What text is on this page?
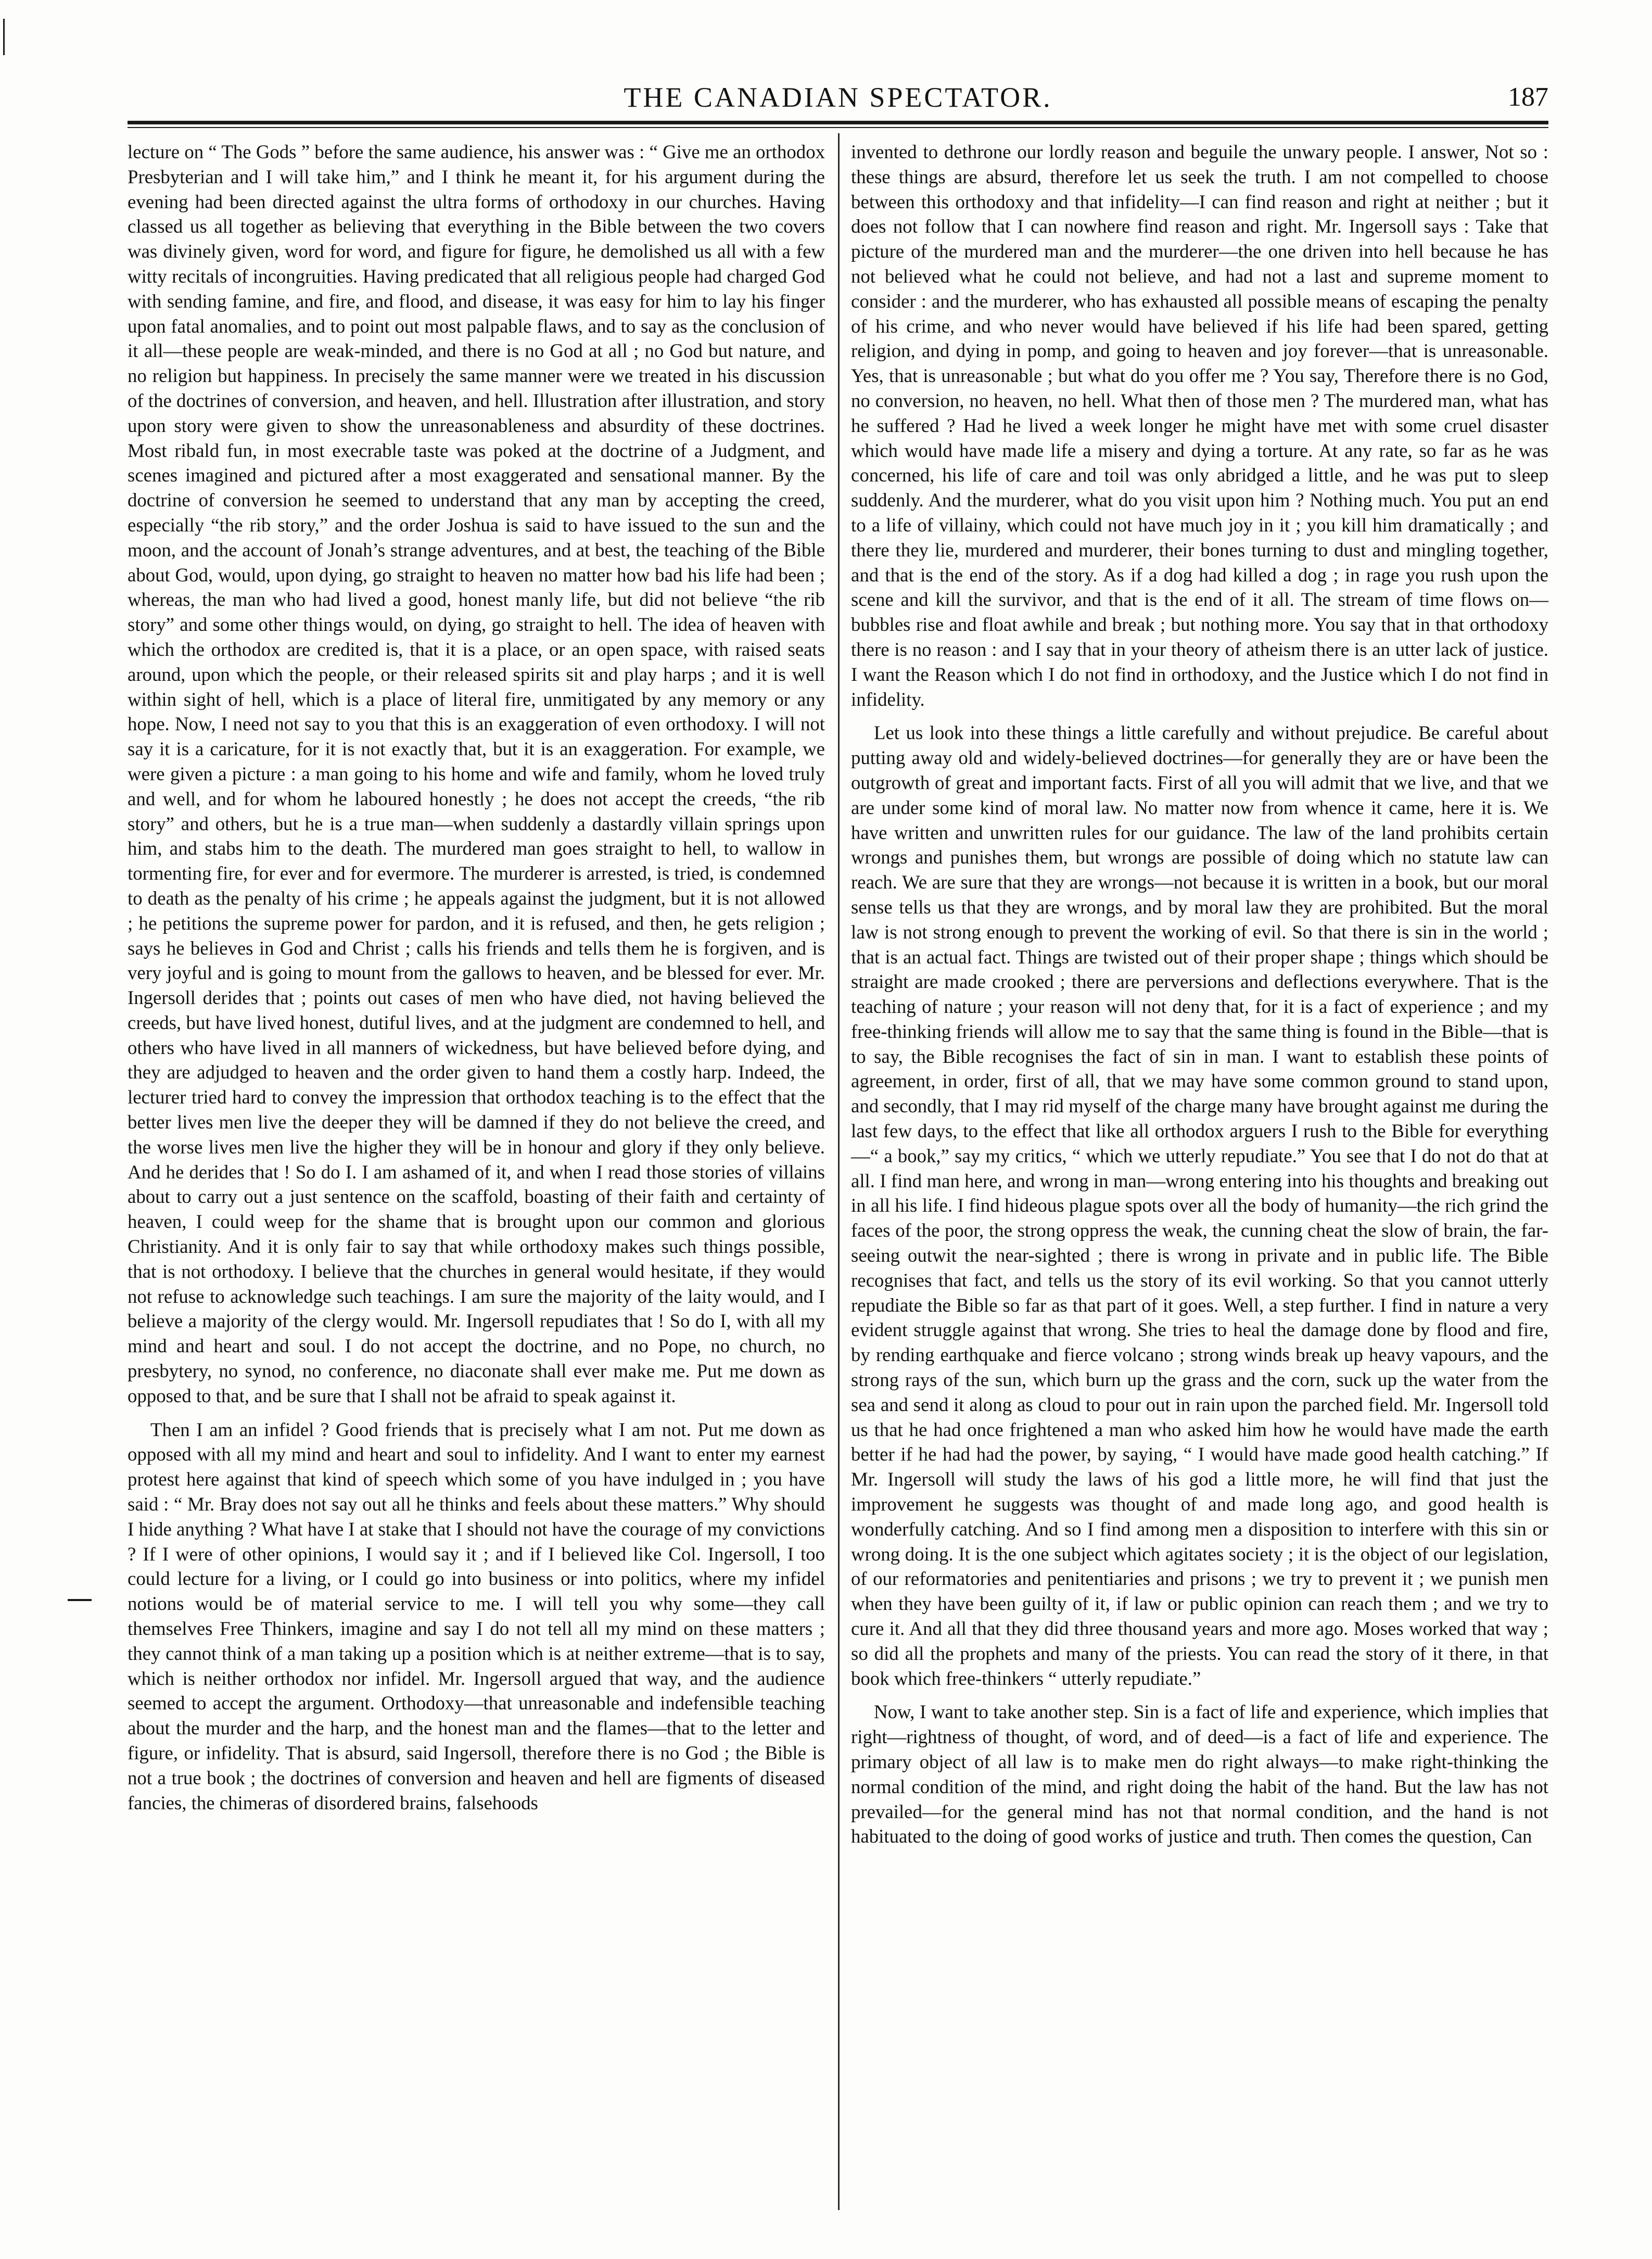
THE CANADIAN SPECTATOR.	187

lecture on “ The Gods ” before the same audience, his answer was : “ Give me an orthodox Presbyterian and I will take him,” and I think he meant it, for his argument during the evening had been directed against the ultra forms of orthodoxy in our churches. Having classed us all together as believing that everything in the Bible between the two covers was divinely given, word for word, and figure for figure, he demolished us all with a few witty recitals of incongruities. Having predicated that all religious people had charged God with sending famine, and fire, and flood, and disease, it was easy for him to lay his finger upon fatal anomalies, and to point out most palpable flaws, and to say as the conclusion of it all—these people are weak-minded, and there is no God at all ; no God but nature, and no religion but happiness. In precisely the same manner were we treated in his discussion of the doctrines of conversion, and heaven, and hell. Illustration after illustration, and story upon story were given to show the unreasonableness and absurdity of these doctrines. Most ribald fun, in most execrable taste was poked at the doctrine of a Judgment, and scenes imagined and pictured after a most exaggerated and sensational manner. By the doctrine of conversion he seemed to understand that any man by accepting the creed, especially “the rib story,” and the order Joshua is said to have issued to the sun and the moon, and the account of Jonah’s strange adventures, and at best, the teaching of the Bible about God, would, upon dying, go straight to heaven no matter how bad his life had been ; whereas, the man who had lived a good, honest manly life, but did not believe “the rib story” and some other things would, on dying, go straight to hell. The idea of heaven with which the orthodox are credited is, that it is a place, or an open space, with raised seats around, upon which the people, or their released spirits sit and play harps ; and it is well within sight of hell, which is a place of literal fire, unmitigated by any memory or any hope. Now, I need not say to you that this is an exaggeration of even orthodoxy. I will not say it is a caricature, for it is not exactly that, but it is an exaggeration. For example, we were given a picture : a man going to his home and wife and family, whom he loved truly and well, and for whom he laboured honestly ; he does not accept the creeds, “the rib story” and others, but he is a true man—when suddenly a dastardly villain springs upon him, and stabs him to the death. The murdered man goes straight to hell, to wallow in tormenting fire, for ever and for evermore. The murderer is arrested, is tried, is condemned to death as the penalty of his crime ; he appeals against the judgment, but it is not allowed ; he petitions the supreme power for pardon, and it is refused, and then, he gets religion ; says he believes in God and Christ ; calls his friends and tells them he is forgiven, and is very joyful and is going to mount from the gallows to heaven, and be blessed for ever. Mr. Ingersoll derides that ; points out cases of men who have died, not having believed the creeds, but have lived honest, dutiful lives, and at the judgment are condemned to hell, and others who have lived in all manners of wickedness, but have believed before dying, and they are adjudged to heaven and the order given to hand them a costly harp. Indeed, the lecturer tried hard to convey the impression that orthodox teaching is to the effect that the better lives men live the deeper they will be damned if they do not believe the creed, and the worse lives men live the higher they will be in honour and glory if they only believe. And he derides that ! So do I. I am ashamed of it, and when I read those stories of villains about to carry out a just sentence on the scaffold, boasting of their faith and certainty of heaven, I could weep for the shame that is brought upon our common and glorious Christianity. And it is only fair to say that while orthodoxy makes such things possible, that is not orthodoxy. I believe that the churches in general would hesitate, if they would not refuse to acknowledge such teachings. I am sure the majority of the laity would, and I believe a majority of the clergy would. Mr. Ingersoll repudiates that ! So do I, with all my mind and heart and soul. I do not accept the doctrine, and no Pope, no church, no presbytery, no synod, no conference, no diaconate shall ever make me. Put me down as opposed to that, and be sure that I shall not be afraid to speak against it.

Then I am an infidel ? Good friends that is precisely what I am not. Put me down as opposed with all my mind and heart and soul to infidelity. And I want to enter my earnest protest here against that kind of speech which some of you have indulged in ; you have said : “ Mr. Bray does not say out all he thinks and feels about these matters.” Why should I hide anything ? What have I at stake that I should not have the courage of my convictions ? If I were of other opinions, I would say it ; and if I believed like Col. Ingersoll, I too could lecture for a living, or I could go into business or into politics, where my infidel notions would be of material service to me. I will tell you why some—they call themselves Free Thinkers, imagine and say I do not tell all my mind on these matters ; they cannot think of a man taking up a position which is at neither extreme—that is to say, which is neither orthodox nor infidel. Mr. Ingersoll argued that way, and the audience seemed to accept the argument. Orthodoxy—that unreasonable and indefensible teaching about the murder and the harp, and the honest man and the flames—that to the letter and figure, or infidelity. That is absurd, said Ingersoll, therefore there is no God ; the Bible is not a true book ; the doctrines of conversion and heaven and hell are figments of diseased fancies, the chimeras of disordered brains, falsehoods

invented to dethrone our lordly reason and beguile the unwary people. I answer, Not so : these things are absurd, therefore let us seek the truth. I am not compelled to choose between this orthodoxy and that infidelity—I can find reason and right at neither ; but it does not follow that I can nowhere find reason and right. Mr. Ingersoll says : Take that picture of the murdered man and the murderer—the one driven into hell because he has not believed what he could not believe, and had not a last and supreme moment to consider : and the murderer, who has exhausted all possible means of escaping the penalty of his crime, and who never would have believed if his life had been spared, getting religion, and dying in pomp, and going to heaven and joy forever—that is unreasonable. Yes, that is unreasonable ; but what do you offer me ? You say, Therefore there is no God, no conversion, no heaven, no hell. What then of those men ? The murdered man, what has he suffered ? Had he lived a week longer he might have met with some cruel disaster which would have made life a misery and dying a torture. At any rate, so far as he was concerned, his life of care and toil was only abridged a little, and he was put to sleep suddenly. And the murderer, what do you visit upon him ? Nothing much. You put an end to a life of villainy, which could not have much joy in it ; you kill him dramatically ; and there they lie, murdered and murderer, their bones turning to dust and mingling together, and that is the end of the story. As if a dog had killed a dog ; in rage you rush upon the scene and kill the survivor, and that is the end of it all. The stream of time flows on—bubbles rise and float awhile and break ; but nothing more. You say that in that orthodoxy there is no reason : and I say that in your theory of atheism there is an utter lack of justice. I want the Reason which I do not find in orthodoxy, and the Justice which I do not find in infidelity.

Let us look into these things a little carefully and without prejudice. Be careful about putting away old and widely-believed doctrines—for generally they are or have been the outgrowth of great and important facts. First of all you will admit that we live, and that we are under some kind of moral law. No matter now from whence it came, here it is. We have written and unwritten rules for our guidance. The law of the land prohibits certain wrongs and punishes them, but wrongs are possible of doing which no statute law can reach. We are sure that they are wrongs—not because it is written in a book, but our moral sense tells us that they are wrongs, and by moral law they are prohibited. But the moral law is not strong enough to prevent the working of evil. So that there is sin in the world ; that is an actual fact. Things are twisted out of their proper shape ; things which should be straight are made crooked ; there are perversions and deflections everywhere. That is the teaching of nature ; your reason will not deny that, for it is a fact of experience ; and my free-thinking friends will allow me to say that the same thing is found in the Bible—that is to say, the Bible recognises the fact of sin in man. I want to establish these points of agreement, in order, first of all, that we may have some common ground to stand upon, and secondly, that I may rid myself of the charge many have brought against me during the last few days, to the effect that like all orthodox arguers I rush to the Bible for everything—“ a book,” say my critics, “ which we utterly repudiate.” You see that I do not do that at all. I find man here, and wrong in man—wrong entering into his thoughts and breaking out in all his life. I find hideous plague spots over all the body of humanity—the rich grind the faces of the poor, the strong oppress the weak, the cunning cheat the slow of brain, the far-seeing outwit the near-sighted ; there is wrong in private and in public life. The Bible recognises that fact, and tells us the story of its evil working. So that you cannot utterly repudiate the Bible so far as that part of it goes. Well, a step further. I find in nature a very evident struggle against that wrong. She tries to heal the damage done by flood and fire, by rending earthquake and fierce volcano ; strong winds break up heavy vapours, and the strong rays of the sun, which burn up the grass and the corn, suck up the water from the sea and send it along as cloud to pour out in rain upon the parched field. Mr. Ingersoll told us that he had once frightened a man who asked him how he would have made the earth better if he had had the power, by saying, “ I would have made good health catching.” If Mr. Ingersoll will study the laws of his god a little more, he will find that just the improvement he suggests was thought of and made long ago, and good health is wonderfully catching. And so I find among men a disposition to interfere with this sin or wrong doing. It is the one subject which agitates society ; it is the object of our legislation, of our reformatories and penitentiaries and prisons ; we try to prevent it ; we punish men when they have been guilty of it, if law or public opinion can reach them ; and we try to cure it. And all that they did three thousand years and more ago. Moses worked that way ; so did all the prophets and many of the priests. You can read the story of it there, in that book which free-thinkers “ utterly repudiate.”

Now, I want to take another step. Sin is a fact of life and experience, which implies that right—rightness of thought, of word, and of deed—is a fact of life and experience. The primary object of all law is to make men do right always—to make right-thinking the normal condition of the mind, and right doing the habit of the hand. But the law has not prevailed—for the general mind has not that normal condition, and the hand is not habituated to the doing of good works of justice and truth. Then comes the question, Can
